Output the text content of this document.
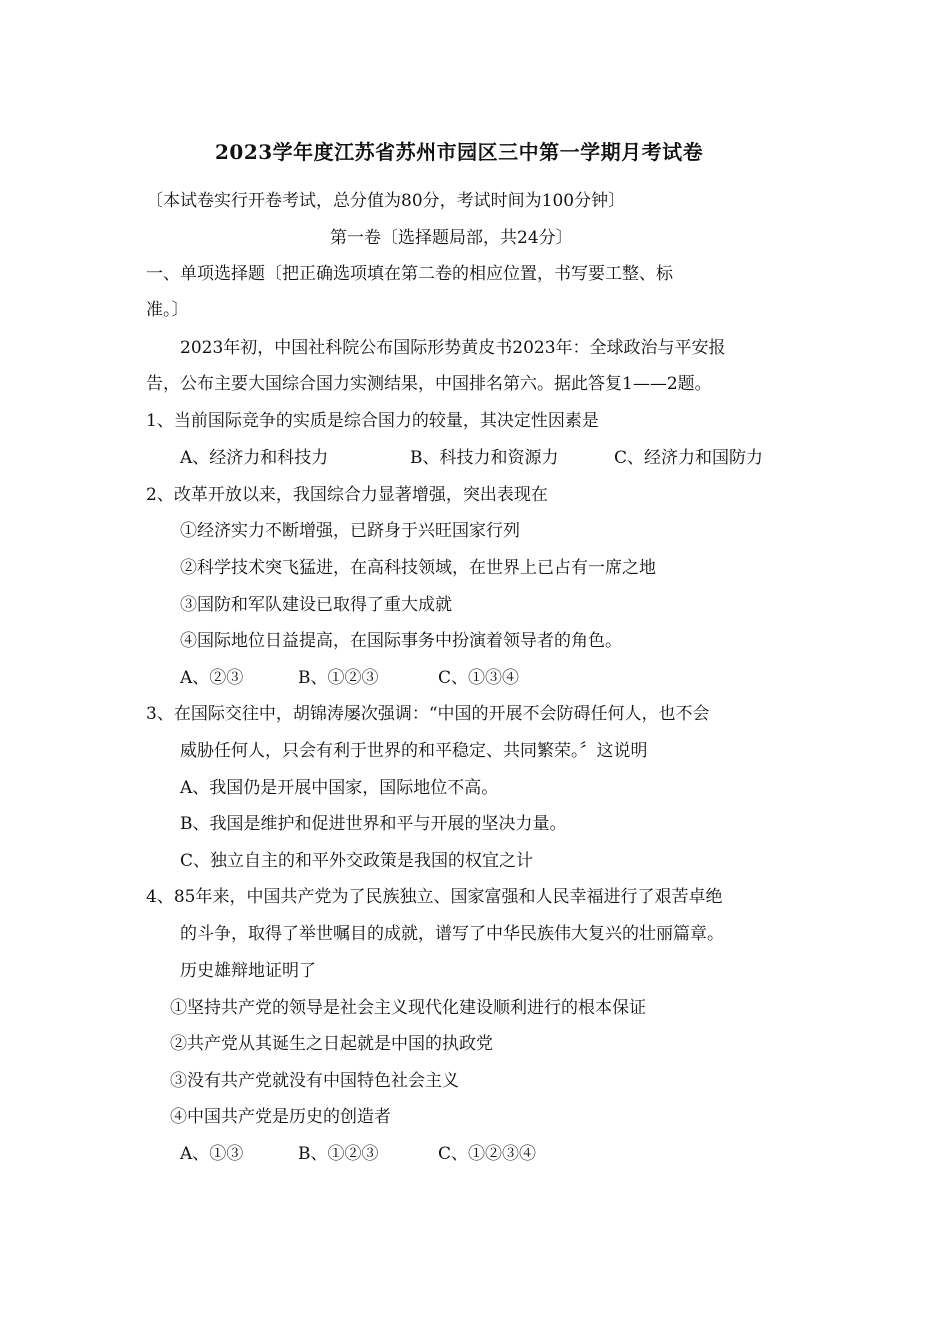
2023学年度江苏省苏州市园区三中第一学期月考试卷
〔本试卷实行开卷考试，总分值为80分，考试时间为100分钟〕
第一卷〔选择题局部，共24分〕
一、单项选择题〔把正确选项填在第二卷的相应位置，书写要工整、标
准。〕
2023年初，中国社科院公布国际形势黄皮书2023年：全球政治与平安报
告，公布主要大国综合国力实测结果，中国排名第六。据此答复1——2题。
1、当前国际竞争的实质是综合国力的较量，其决定性因素是
A、经济力和科技力	B、科技力和资源力	C、经济力和国防力
2、改革开放以来，我国综合力显著增强，突出表现在
①经济实力不断增强，已跻身于兴旺国家行列
②科学技术突飞猛进，在高科技领域，在世界上已占有一席之地
③国防和军队建设已取得了重大成就
④国际地位日益提高，在国际事务中扮演着领导者的角色。
A、②③	B、①②③	C、①③④
3、在国际交往中，胡锦涛屡次强调：“中国的开展不会防碍任何人，也不会
威胁任何人，只会有利于世界的和平稳定、共同繁荣。〞这说明
A、我国仍是开展中国家，国际地位不高。
B、我国是维护和促进世界和平与开展的坚决力量。
C、独立自主的和平外交政策是我国的权宜之计
4、85年来，中国共产党为了民族独立、国家富强和人民幸福进行了艰苦卓绝
的斗争，取得了举世嘱目的成就，谱写了中华民族伟大复兴的壮丽篇章。
历史雄辩地证明了
①坚持共产党的领导是社会主义现代化建设顺利进行的根本保证
②共产党从其诞生之日起就是中国的执政党
③没有共产党就没有中国特色社会主义
④中国共产党是历史的创造者
A、①③	B、①②③	C、①②③④
